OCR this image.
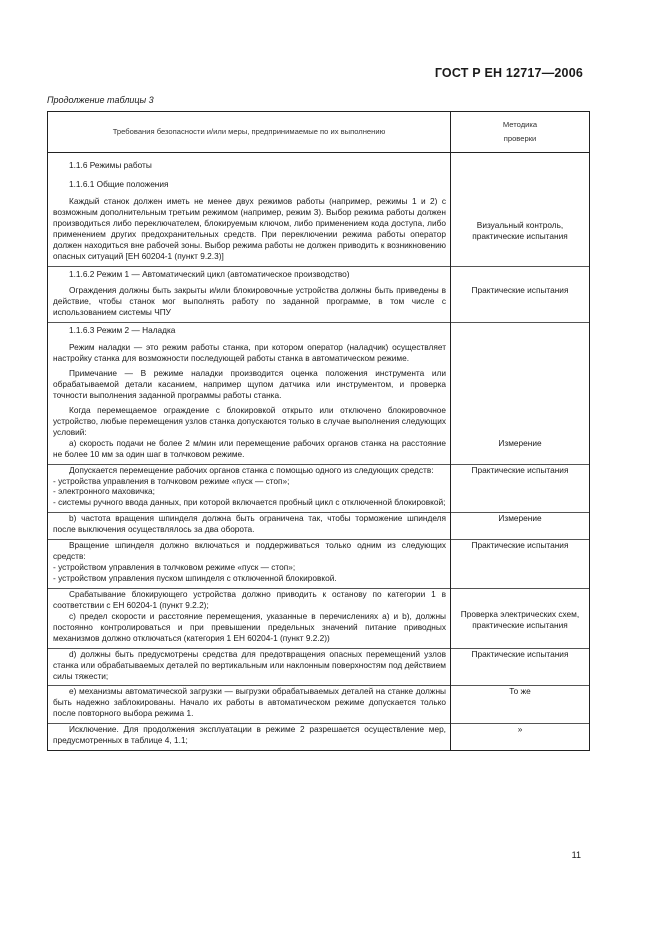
ГОСТ Р ЕН 12717—2006
Продолжение таблицы 3
Требования безопасности и/или меры, предпринимаемые по их выполнению	Методика
проверки

1.1.6 Режимы работы	

1.1.6.1 Общие положения	

Каждый станок должен иметь не менее двух режимов работы (например, режимы 1 и 2) с возможным дополнительным третьим режимом (например, режим 3). Выбор режима работы должен производиться либо переключателем, блокируемым ключом, либо применением кода доступа, либо применением других предохранительных средств. При переключении режима работы оператор должен находиться вне рабочей зоны. Выбор режима работы не должен приводить к возникновению опасных ситуаций [ЕН 60204-1 (пункт 9.2.3)]	Визуальный контроль, практические испытания

1.1.6.2 Режим 1 — Автоматический цикл (автоматическое производство)	

Ограждения должны быть закрыты и/или блокировочные устройства должны быть приведены в действие, чтобы станок мог выполнять работу по заданной программе, в том числе с использованием системы ЧПУ	Практические испытания

1.1.6.3 Режим 2 — Наладка	

Режим наладки — это режим работы станка, при котором оператор (наладчик) осуществляет настройку станка для возможности последующей работы станка в автоматическом режиме.	

Примечание — В режиме наладки производится оценка положения инструмента или обрабатываемой детали касанием, например щупом датчика или инструментом, и проверка точности выполнения заданной программы работы станка.	

Когда перемещаемое ограждение с блокировкой открыто или отключено блокировочное устройство, любые перемещения узлов станка допускаются только в случае выполнения следующих условий:

а) скорость подачи не более 2 м/мин или перемещение рабочих органов станка на расстояние не более 10 мм за один шаг в толчковом режиме.	Измерение

Допускается перемещение рабочих органов станка с помощью одного из следующих средств:

- устройства управления в толчковом режиме «пуск — стоп»;

- электронного маховичка;

- системы ручного ввода данных, при которой включается пробный цикл с отключенной блокировкой;	Практические испытания

b) частота вращения шпинделя должна быть ограничена так, чтобы торможение шпинделя после выключения осуществлялось за два оборота.	Измерение

Вращение шпинделя должно включаться и поддерживаться только одним из следующих средств:

- устройством управления в толчковом режиме «пуск — стоп»;

- устройством управления пуском шпинделя с отключенной блокировкой.	Практические испытания

Срабатывание блокирующего устройства должно приводить к останову по категории 1 в соответствии с ЕН 60204-1 (пункт 9.2.2);

с) предел скорости и расстояние перемещения, указанные в перечислениях а) и b), должны постоянно контролироваться и при превышении предельных значений питание приводных механизмов должно отключаться (категория 1 ЕН 60204-1 (пункт 9.2.2))	Проверка электрических схем, практические испытания

d) должны быть предусмотрены средства для предотвращения опасных перемещений узлов станка или обрабатываемых деталей по вертикальным или наклонным поверхностям под действием силы тяжести;	Практические испытания

е) механизмы автоматической загрузки — выгрузки обрабатываемых деталей на станке должны быть надежно заблокированы. Начало их работы в автоматическом режиме допускается только после повторного выбора режима 1.	То же

Исключение. Для продолжения эксплуатации в режиме 2 разрешается осуществление мер, предусмотренных в таблице 4, 1.1;	»
11
